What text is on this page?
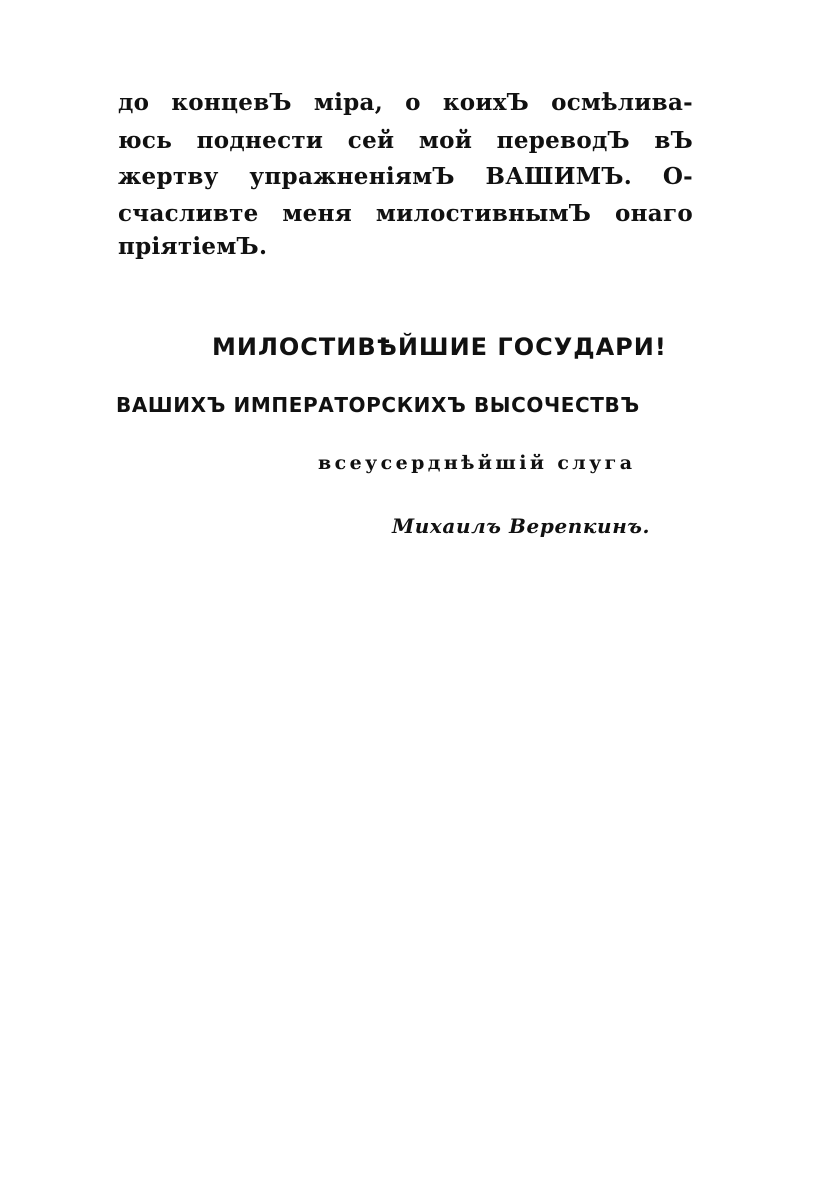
до концевЪ міра, о коихЪ осмѣлива-
юсь поднести сей мой переводЪ вЪ
жертву упражненіямЪ ВАШИМЪ. О-
счасливте меня милостивнымЪ онаго
пріятіемЪ.
МИЛОСТИВѢЙШИЕ ГОСУДАРИ!
ВАШИХЪ ИМПЕРАТОРСКИХЪ ВЫСОЧЕСТВЪ
всеусерднѣйшій слуга
Михаилъ Верепкинъ.
